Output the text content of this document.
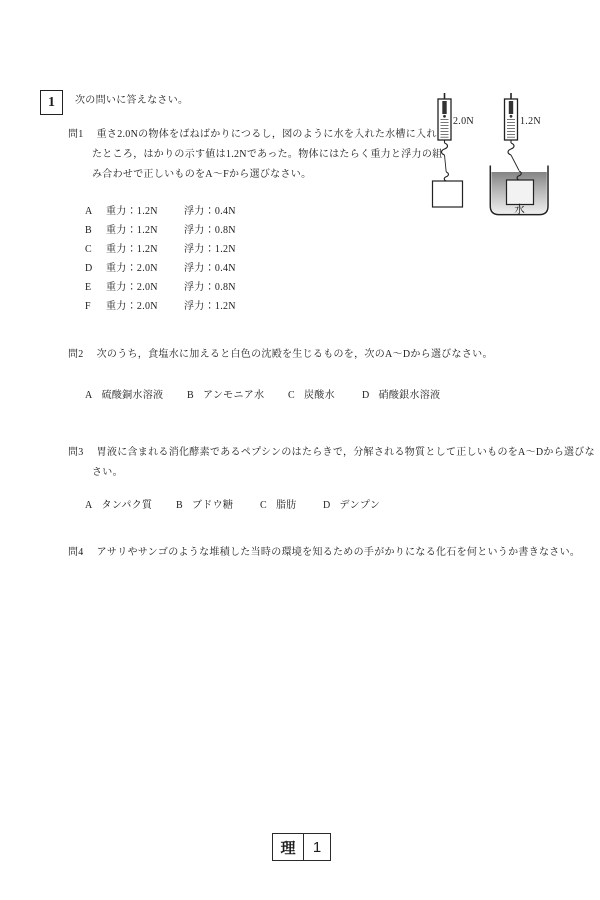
1 次の問いに答えなさい。
問1 重さ2.0Nの物体をばねばかりにつるし，図のように水を入れた水槽に入れ
たところ，はかりの示す値は1.2Nであった。物体にはたらく重力と浮力の組
み合わせで正しいものをA～Fから選びなさい。
A	重力：1.2N	浮力：0.4N
B	重力：1.2N	浮力：0.8N
C	重力：1.2N	浮力：1.2N
D	重力：2.0N	浮力：0.4N
E	重力：2.0N	浮力：0.8N
F	重力：2.0N	浮力：1.2N
水
2.0N	1.2N
問2 次のうち，食塩水に加えると白色の沈殿を生じるものを，次のA～Dから選びなさい。
A 硫酸銅水溶液 B アンモニア水 C 炭酸水	D 硝酸銀水溶液
問3 胃液に含まれる消化酵素であるペプシンのはたらきで，分解される物質として正しいものをA～Dから選びな
さい。
A タンパク質 B ブドウ糖	C 脂肪	D デンプン
問4 アサリやサンゴのような堆積した当時の環境を知るための手がかりになる化石を何というか書きなさい。
理	1
